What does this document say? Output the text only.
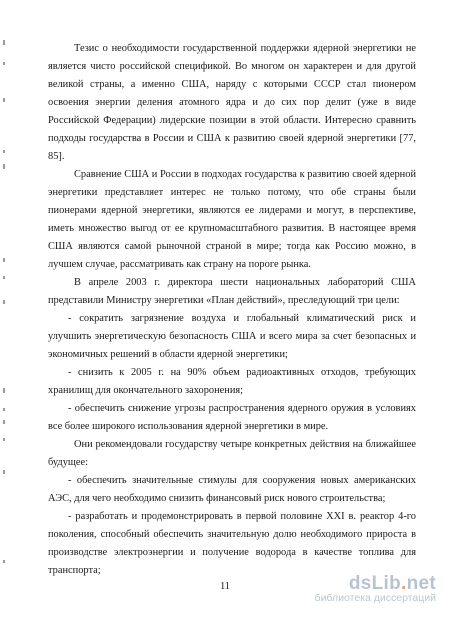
Тезис о необходимости государственной поддержки ядерной энергетики не является чисто российской спецификой. Во многом он характерен и для другой великой страны, а именно США, наряду с которыми СССР стал пионером освоения энергии деления атомного ядра и до сих пор делит (уже в виде Российской Федерации) лидерские позиции в этой области. Интересно сравнить подходы государства в России и США к развитию своей ядерной энергетики [77, 85].

Сравнение США и России в подходах государства к развитию своей ядерной энергетики представляет интерес не только потому, что обе страны были пионерами ядерной энергетики, являются ее лидерами и могут, в перспективе, иметь множество выгод от ее крупномасштабного развития. В настоящее время США являются самой рыночной страной в мире; тогда как Россию можно, в лучшем случае, рассматривать как страну на пороге рынка.

В апреле 2003 г. директора шести национальных лабораторий США представили Министру энергетики «План действий», преследующий три цели:

- сократить загрязнение воздуха и глобальный климатический риск и улучшить энергетическую безопасность США и всего мира за счет безопасных и экономичных решений в области ядерной энергетики;

- снизить к 2005 г. на 90% объем радиоактивных отходов, требующих хранилищ для окончательного захоронения;

- обеспечить снижение угрозы распространения ядерного оружия в условиях все более широкого использования ядерной энергетики в мире.

Они рекомендовали государству четыре конкретных действия на ближайшее будущее:

- обеспечить значительные стимулы для сооружения новых американских АЭС, для чего необходимо снизить финансовый риск нового строительства;

- разработать и продемонстрировать в первой половине XXI в. реактор 4-го поколения, способный обеспечить значительную долю необходимого прироста в производстве электроэнергии и получение водорода в качестве топлива для транспорта;

11	dsLib.net
библиотека диссертаций
